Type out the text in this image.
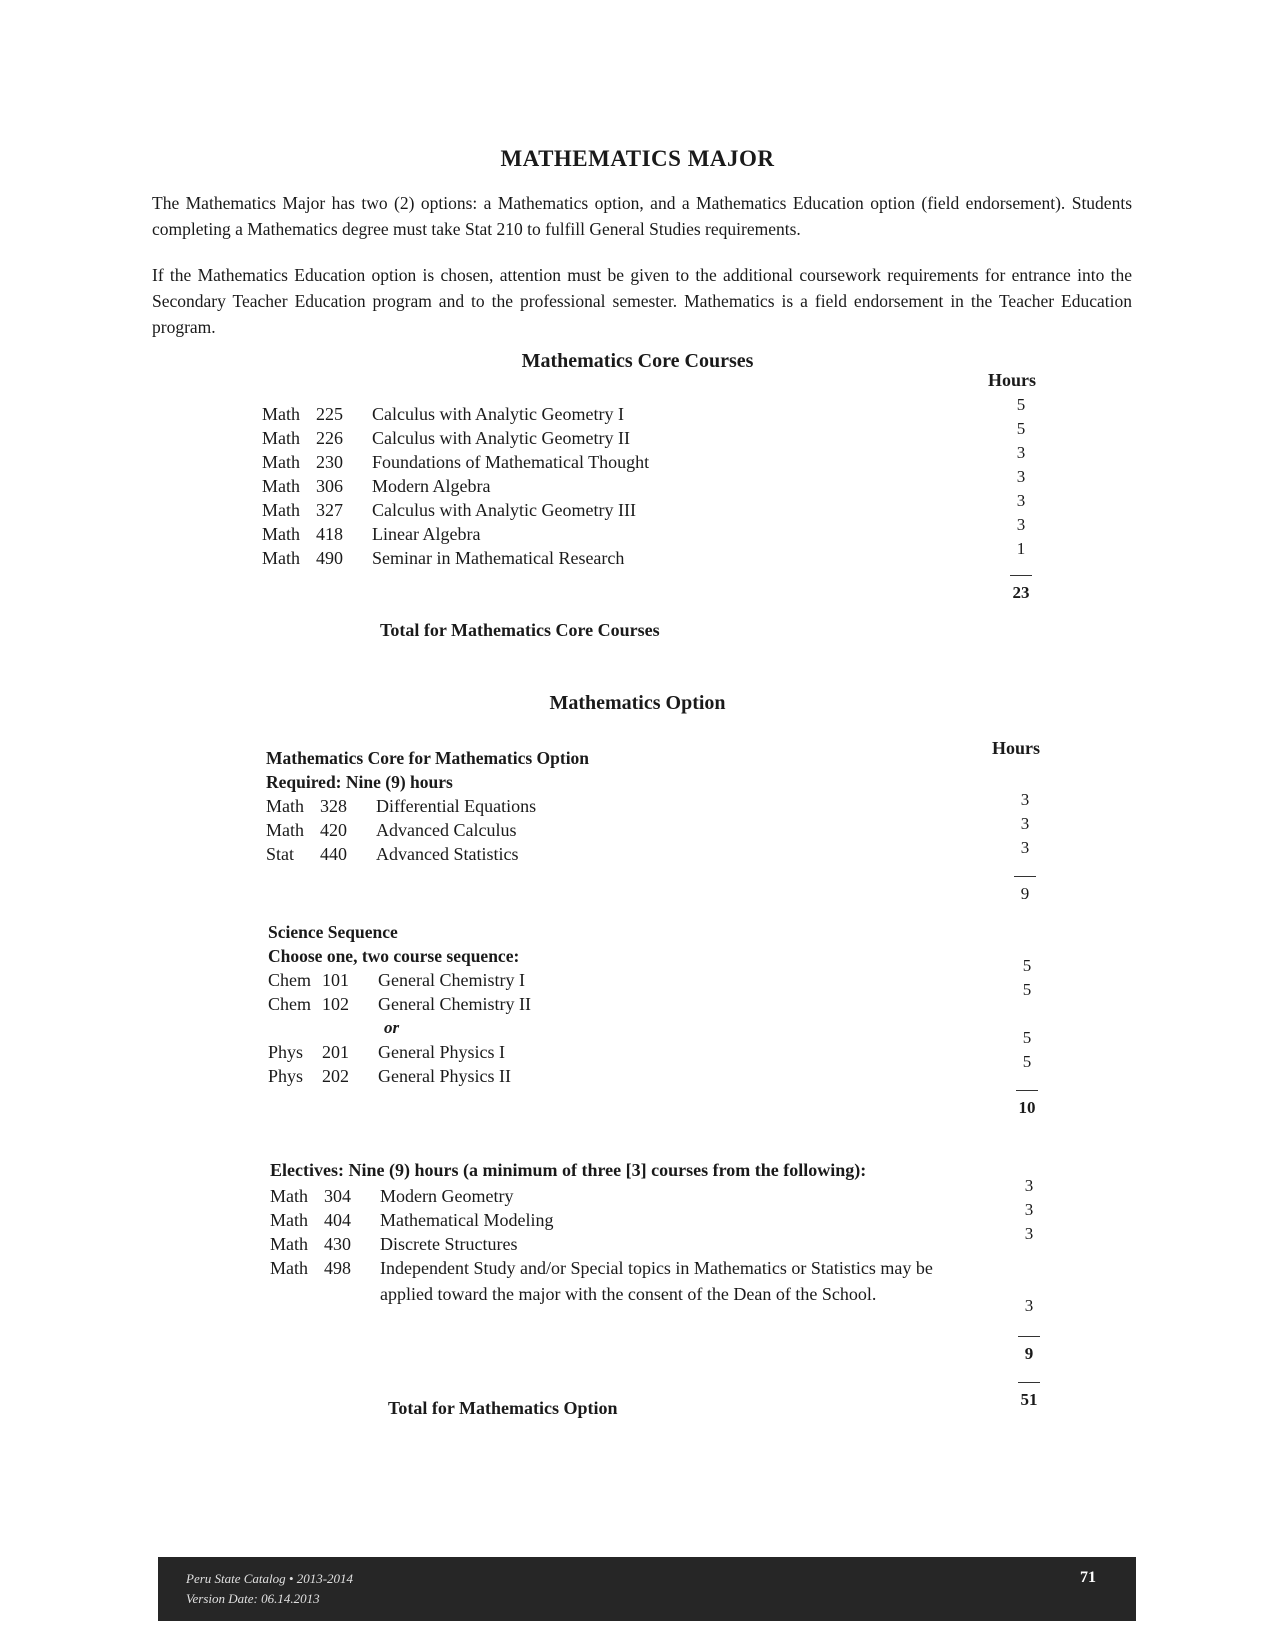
MATHEMATICS MAJOR
The Mathematics Major has two (2) options: a Mathematics option, and a Mathematics Education option (field endorsement). Students completing a Mathematics degree must take Stat 210 to fulfill General Studies requirements.
If the Mathematics Education option is chosen, attention must be given to the additional coursework requirements for entrance into the Secondary Teacher Education program and to the professional semester. Mathematics is a field endorsement in the Teacher Education program.
Mathematics Core Courses
Hours
Math 225 Calculus with Analytic Geometry I
Math 226 Calculus with Analytic Geometry II
Math 230 Foundations of Mathematical Thought
Math 306 Modern Algebra
Math 327 Calculus with Analytic Geometry III
Math 418 Linear Algebra
Math 490 Seminar in Mathematical Research
5
5
3
3
3
3
1
23
Total for Mathematics Core Courses
Mathematics Option
Hours
Mathematics Core for Mathematics Option
Required: Nine (9) hours
Math 328 Differential Equations
Math 420 Advanced Calculus
Stat 440 Advanced Statistics
3
3
3
9
Science Sequence
Choose one, two course sequence:
Chem 101 General Chemistry I
Chem 102 General Chemistry II
or
Phys 201 General Physics I
Phys 202 General Physics II
5
5
5
5
10
Electives: Nine (9) hours (a minimum of three [3] courses from the following):
Math 304 Modern Geometry
Math 404 Mathematical Modeling
Math 430 Discrete Structures
Math 498 Independent Study and/or Special topics in Mathematics or Statistics may be applied toward the major with the consent of the Dean of the School.
3
3
3
3
9
51
Total for Mathematics Option
Peru State Catalog • 2013-2014
Version Date: 06.14.2013
71
